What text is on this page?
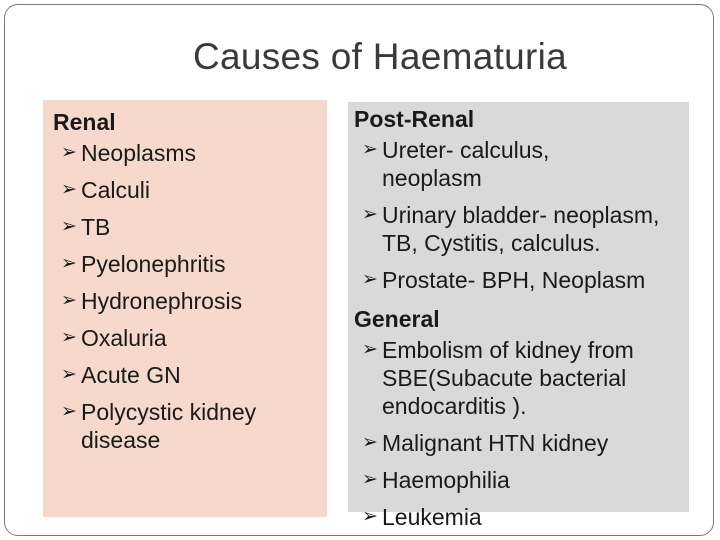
Causes of Haematuria
Renal
➢ Neoplasms
➢ Calculi
➢ TB
➢ Pyelonephritis
➢ Hydronephrosis
➢ Oxaluria
➢ Acute GN
➢ Polycystic kidney disease
Post-Renal
➢ Ureter- calculus, neoplasm
➢ Urinary bladder- neoplasm, TB, Cystitis, calculus.
➢ Prostate- BPH, Neoplasm
General
➢ Embolism of kidney from SBE(Subacute bacterial endocarditis ).
➢ Malignant HTN kidney
➢ Haemophilia
➢ Leukemia
